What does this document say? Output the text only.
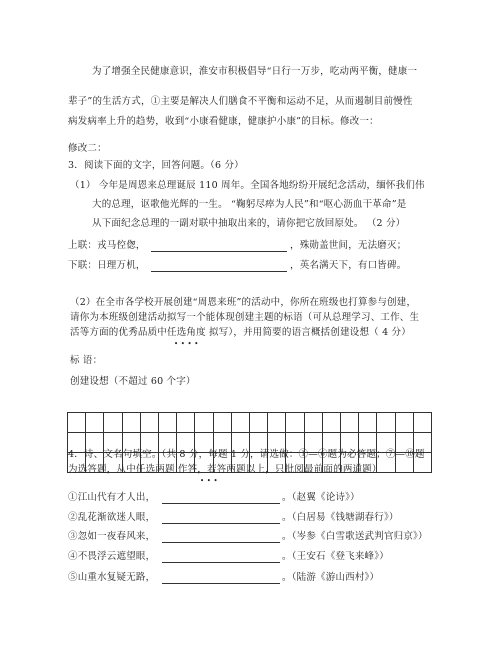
为了增强全民健康意识，淮安市积极倡导“日行一万步，吃动两平衡，健康一
辈子”的生活方式，①主要是解决人们膳食不平衡和运动不足，从而遏制目前慢性
病发病率上升的趋势，收到“小康看健康，健康护小康”的目标。修改一：
修改二：
3．阅读下面的文字，回答问题。（6 分）
（1） 今年是周恩来总理诞辰 110 周年。全国各地纷纷开展纪念活动，缅怀我们伟
大的总理，讴歌他光辉的一生。 “鞠躬尽瘁为人民”和“呕心沥血干革命”是
从下面纪念总理的一副对联中抽取出来的，请你把它放回原处。 （2 分）
上联：戎马倥偬，	，殊勋盖世间，无法磨灭；
下联：日理万机，	，英名满天下，有口皆碑。
（2）在全市各学校开展创建“周恩来班”的活动中，你所在班级也打算参与创建，
请你为本班级创建活动拟写一个能体现创建主题的标语（可从总理学习、工作、生
活等方面的优秀品质中任选角度 拟写），并用简要的语言概括创建设想（ 4 分）
• • • •
标 语：
创建设想（不超过 60 个字）
4．诗、文名句填空。（共 8 分，每题 1 分，请选做：①—⑥题为必答题；⑦—⑩题
为选答题，从中任选两题 作答，若答两题以上，只批阅最前面的两道题）
• • •
①江山代有才人出，	。（赵翼《论诗》）
②乱花渐欲迷人眼，	。（白居易《钱塘湖春行》）
③忽如一夜春风来，	。（岑参《白雪歌送武判官归京》）
④不畏浮云遮望眼，	。（王安石《登飞来峰》）
⑤山重水复疑无路，	。（陆游《游山西村》）
